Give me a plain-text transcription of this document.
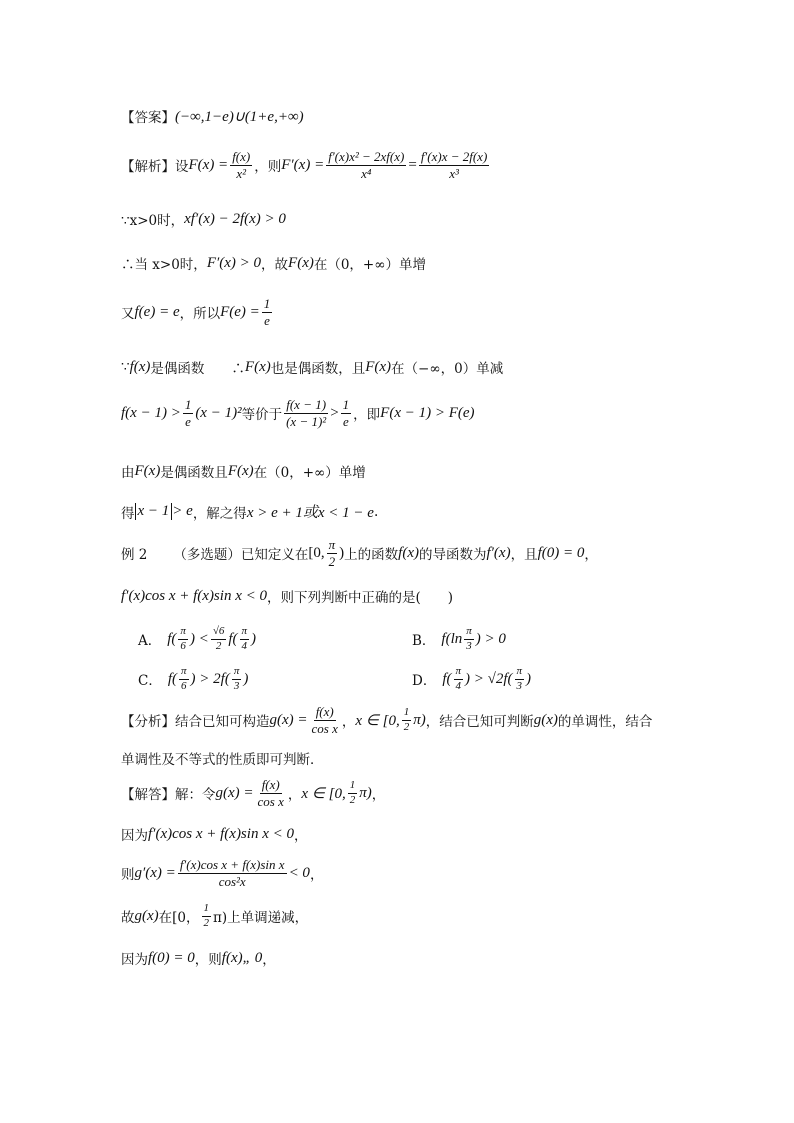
【答案】 (−∞,1−e)∪(1+e,+∞)
【解析】 设 $F(x) = \frac{f(x)}{\text{x²}}$ ，则 $F'(x) = \frac{\text{f′(x)x² − 2xf(x)}}{\text{x⁴}} = \frac{f'(x)x - 2f(x)}{\text{x³}}$
∵x>0时， xf′(x) − 2f(x) > 0
∴当 x>0时， F′(x) > 0 ，故 F(x) 在（0，+∞）单增
又 f(e) = e ，所以 $F(e) = \frac{1}{e}$
∵ f(x) 是偶函数　　∴ F(x) 也是偶函数，且 F(x) 在（−∞，0）单减
$f(x - 1) > \frac{1}{e} (x - 1)^2$ 等价于 $\frac{f(x - 1)}{\text{(x − 1)²}} > \frac{1}{e}$ ，即 F(x − 1) > F(e)
由 F(x) 是偶函数且 F(x) 在（0，+∞）单增
得 x − 1 > e ，解之得 x > e + 1或x < 1 − e .
例 2 （多选题） 已知定义在 [0, $\frac{\pi}{2}$ ) 上的函数 f(x) 的导函数为 f′(x) ，且 f(0) = 0 ，
f′(x)cos x + f(x)sin x < 0 ，则下列判断中正确的是(　　)
A． $f( \frac{\pi}{6}$ ) < $\frac{√6}{2} f( \frac{\pi}{4}$ )	B． $f(\ln \frac{\pi}{3}$ ) > 0
C． $f( \frac{\pi}{6}$ ) > $2f( \frac{\pi}{3}$ )	D． $f( \frac{\pi}{4}$ ) > $√2f( \frac{\pi}{3}$ )
【分析】 结合已知可构造 $g(x) = \frac{f(x)}{\text{cos x}}$ ， x ∈ [0, $\frac{1}{2} \pi$) ，结合已知可判断 g(x) 的单调性，结合
单调性及不等式的性质即可判断．
【解答】 解：令 $g(x) = \frac{f(x)}{\text{cos x}}$ ， x ∈ [0, $\frac{1}{2} \pi$) ，
因为 f′(x)cos x + f(x)sin x < 0 ，
则 $g'(x) = \frac{\text{f′(x)cos x + f(x)sin x}}{\text{cos²x}} < 0$ ，
故 g(x) 在[0， $\frac{1}{2} \pi$)上单调递减，
因为 f(0) = 0 ，则 f(x)„ 0 ，
